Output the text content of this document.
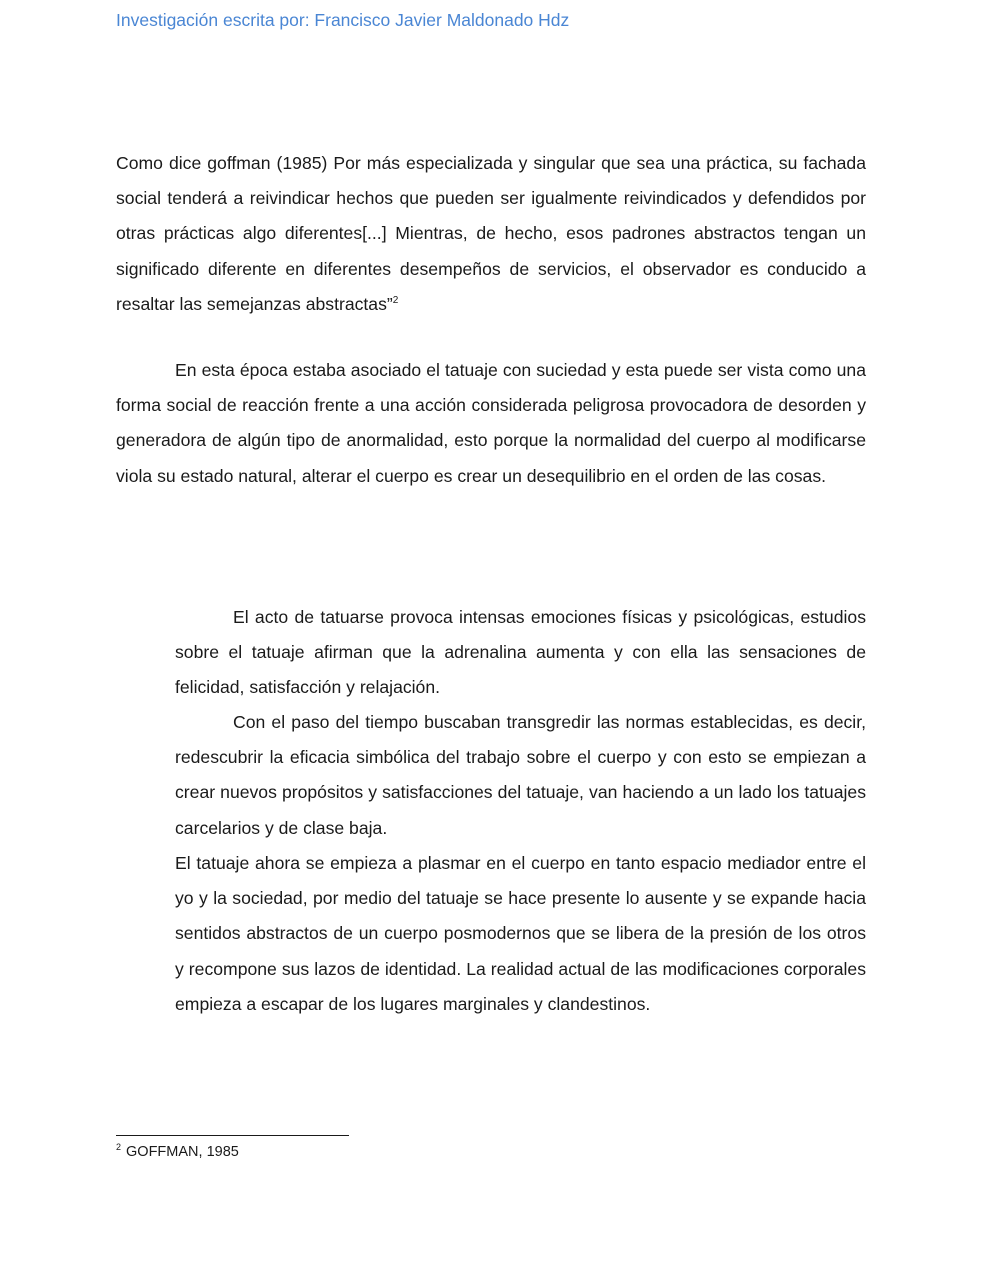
Investigación escrita por: Francisco Javier Maldonado Hdz

Como dice goffman (1985) Por más especializada y singular que sea una práctica, su fachada social tenderá a reivindicar hechos que pueden ser igualmente reivindicados y defendidos por otras prácticas algo diferentes[...] Mientras, de hecho, esos padrones abstractos tengan un significado diferente en diferentes desempeños de servicios, el observador es conducido a resaltar las semejanzas abstractas”$^2$

En esta época estaba asociado el tatuaje con suciedad y esta puede ser vista como una forma social de reacción frente a una acción considerada peligrosa provocadora de desorden y generadora de algún tipo de anormalidad, esto porque la normalidad del cuerpo al modificarse viola su estado natural, alterar el cuerpo es crear un desequilibrio en el orden de las cosas.

El acto de tatuarse provoca intensas emociones físicas y psicológicas, estudios sobre el tatuaje afirman que la adrenalina aumenta y con ella las sensaciones de felicidad, satisfacción y relajación.

Con el paso del tiempo buscaban transgredir las normas establecidas, es decir, redescubrir la eficacia simbólica del trabajo sobre el cuerpo y con esto se empiezan a crear nuevos propósitos y satisfacciones del tatuaje, van haciendo a un lado los tatuajes carcelarios y de clase baja.

El tatuaje ahora se empieza a plasmar en el cuerpo en tanto espacio mediador entre el yo y la sociedad, por medio del tatuaje se hace presente lo ausente y se expande hacia sentidos abstractos de un cuerpo posmodernos que se libera de la presión de los otros y recompone sus lazos de identidad. La realidad actual de las modificaciones corporales empieza a escapar de los lugares marginales y clandestinos.

$^2$ GOFFMAN, 1985
